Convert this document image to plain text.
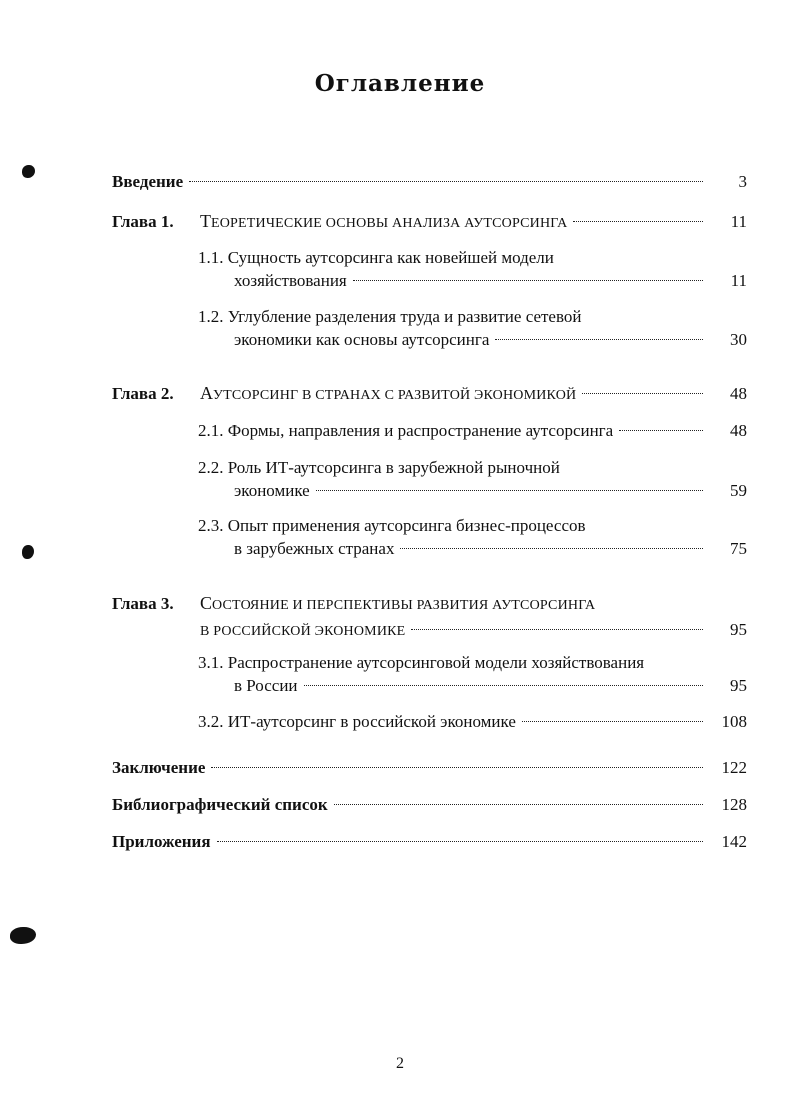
Оглавление
Введение	3
Глава 1.	ТЕОРЕТИЧЕСКИЕ ОСНОВЫ АНАЛИЗА АУТСОРСИНГА	11
1.1. Сущность аутсорсинга как новейшей модели
хозяйствования	11
1.2. Углубление разделения труда и развитие сетевой
экономики как основы аутсорсинга	30
Глава 2.	АУТСОРСИНГ В СТРАНАХ С РАЗВИТОЙ ЭКОНОМИКОЙ	48
2.1. Формы, направления и распространение аутсорсинга	48
2.2. Роль ИТ-аутсорсинга в зарубежной рыночной
экономике	59
2.3. Опыт применения аутсорсинга бизнес-процессов
в зарубежных странах	75
Глава 3.	СОСТОЯНИЕ И ПЕРСПЕКТИВЫ РАЗВИТИЯ АУТСОРСИНГА
В РОССИЙСКОЙ ЭКОНОМИКЕ	95
3.1. Распространение аутсорсинговой модели хозяйствования
в России	95
3.2. ИТ-аутсорсинг в российской экономике	108
Заключение	122
Библиографический список	128
Приложения	142
2
